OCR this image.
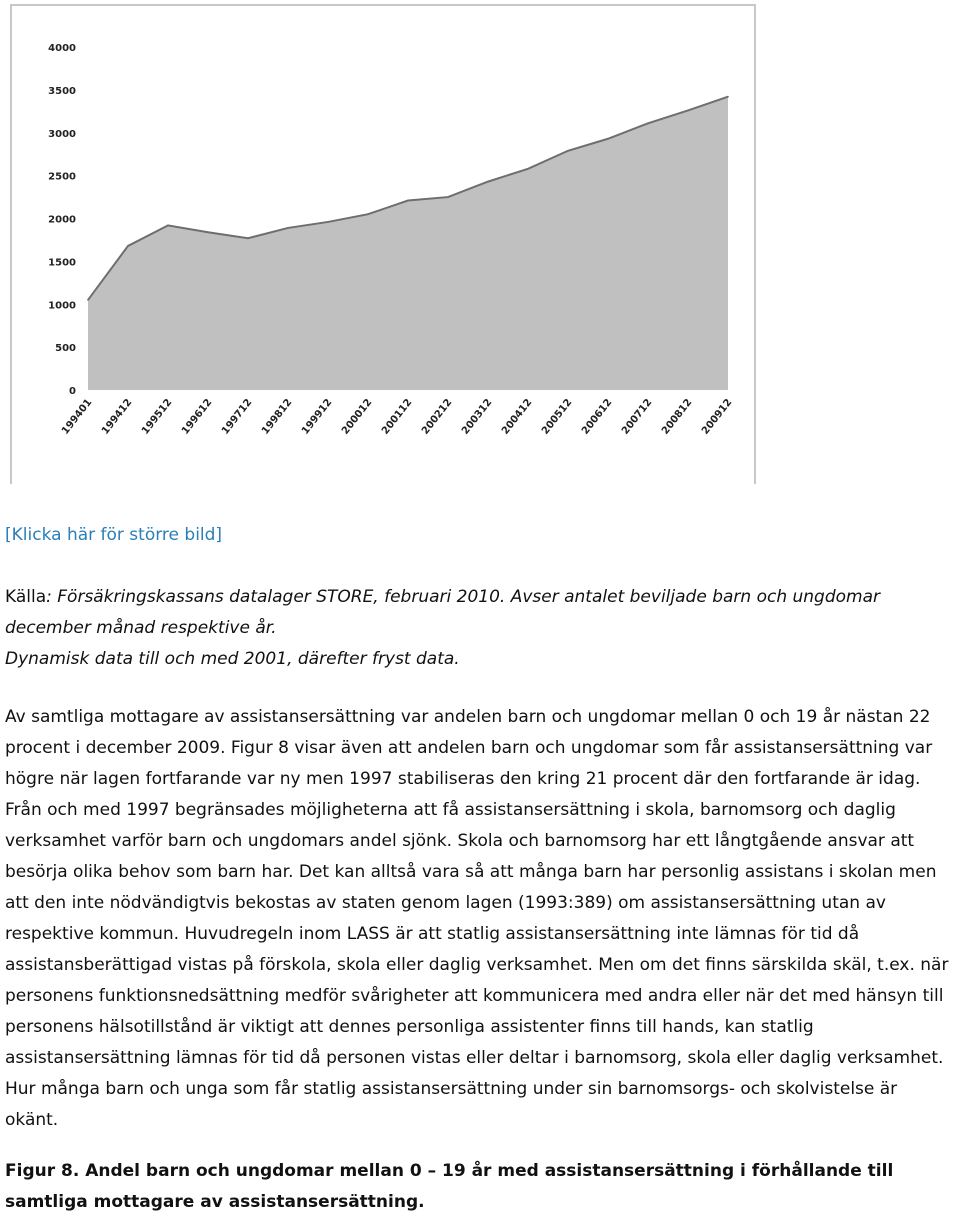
0
500
1000
1500
2000
2500
3000
3500
4000
199401 199412 199512 199612 199712 199812 199912 200012 200112 200212 200312 200412 200512 200612 200712 200812 200912
[Klicka här för större bild]
Källa: Försäkringskassans datalager STORE, februari 2010. Avser antalet beviljade barn och ungdomar december månad respektive år.
Dynamisk data till och med 2001, därefter fryst data.

Av samtliga mottagare av assistansersättning var andelen barn och ungdomar mellan 0 och 19 år nästan 22 procent i december 2009. Figur 8 visar även att andelen barn och ungdomar som får assistansersättning var högre när lagen fortfarande var ny men 1997 stabiliseras den kring 21 procent där den fortfarande är idag. Från och med 1997 begränsades möjligheterna att få assistansersättning i skola, barnomsorg och daglig verksamhet varför barn och ungdomars andel sjönk. Skola och barnomsorg har ett långtgående ansvar att besörja olika behov som barn har. Det kan alltså vara så att många barn har personlig assistans i skolan men att den inte nödvändigtvis bekostas av staten genom lagen (1993:389) om assistansersättning utan av respektive kommun. Huvudregeln inom LASS är att statlig assistansersättning inte lämnas för tid då assistansberättigad vistas på förskola, skola eller daglig verksamhet. Men om det finns särskilda skäl, t.ex. när personens funktionsnedsättning medför svårigheter att kommunicera med andra eller när det med hänsyn till personens hälsotillstånd är viktigt att dennes personliga assistenter finns till hands, kan statlig assistansersättning lämnas för tid då personen vistas eller deltar i barnomsorg, skola eller daglig verksamhet. Hur många barn och unga som får statlig assistansersättning under sin barnomsorgs- och skolvistelse är okänt.

Figur 8. Andel barn och ungdomar mellan 0 – 19 år med assistansersättning i förhållande till samtliga mottagare av assistansersättning.
